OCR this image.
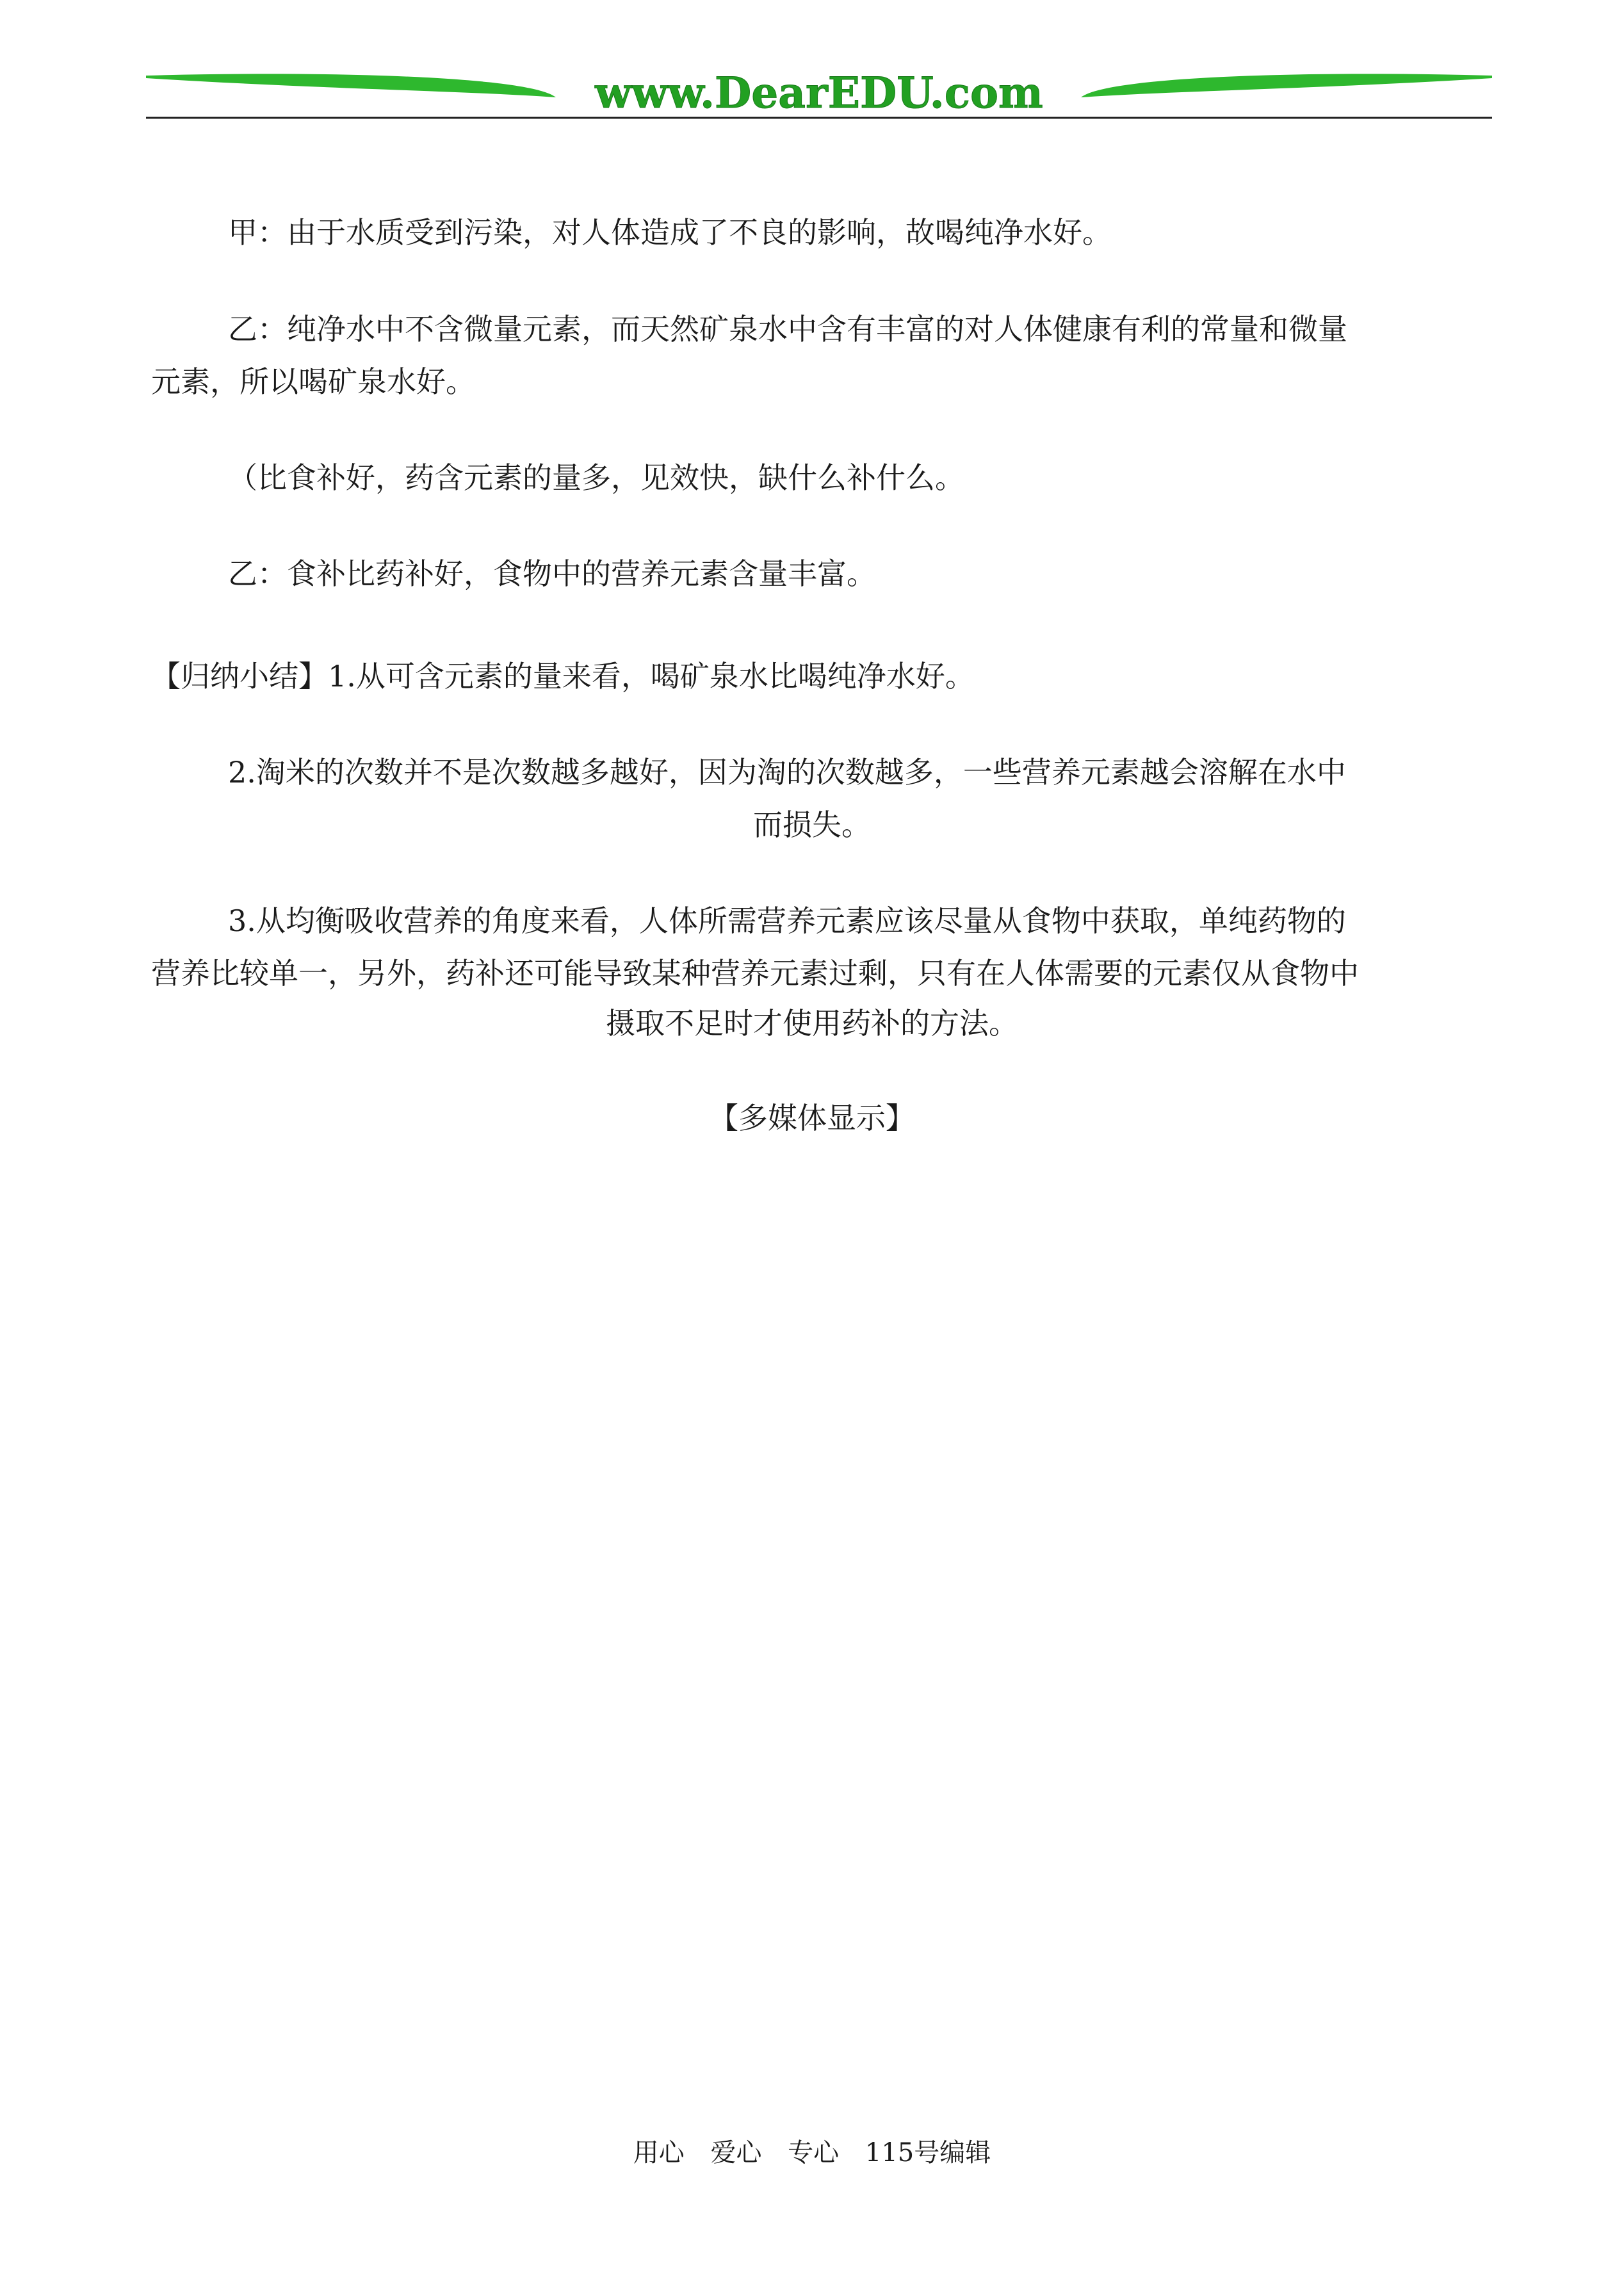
www.DearEDU.com
甲：由于水质受到污染，对人体造成了不良的影响，故喝纯净水好。
乙：纯净水中不含微量元素，而天然矿泉水中含有丰富的对人体健康有利的常量和微量
元素，所以喝矿泉水好。
（比食补好，药含元素的量多，见效快，缺什么补什么。
乙：食补比药补好，食物中的营养元素含量丰富。
【归纳小结】1.从可含元素的量来看，喝矿泉水比喝纯净水好。
2.淘米的次数并不是次数越多越好，因为淘的次数越多，一些营养元素越会溶解在水中
而损失。
3.从均衡吸收营养的角度来看，人体所需营养元素应该尽量从食物中获取，单纯药物的
营养比较单一，另外，药补还可能导致某种营养元素过剩，只有在人体需要的元素仅从食物中
摄取不足时才使用药补的方法。
【多媒体显示】
用心 爱心 专心 115号编辑
